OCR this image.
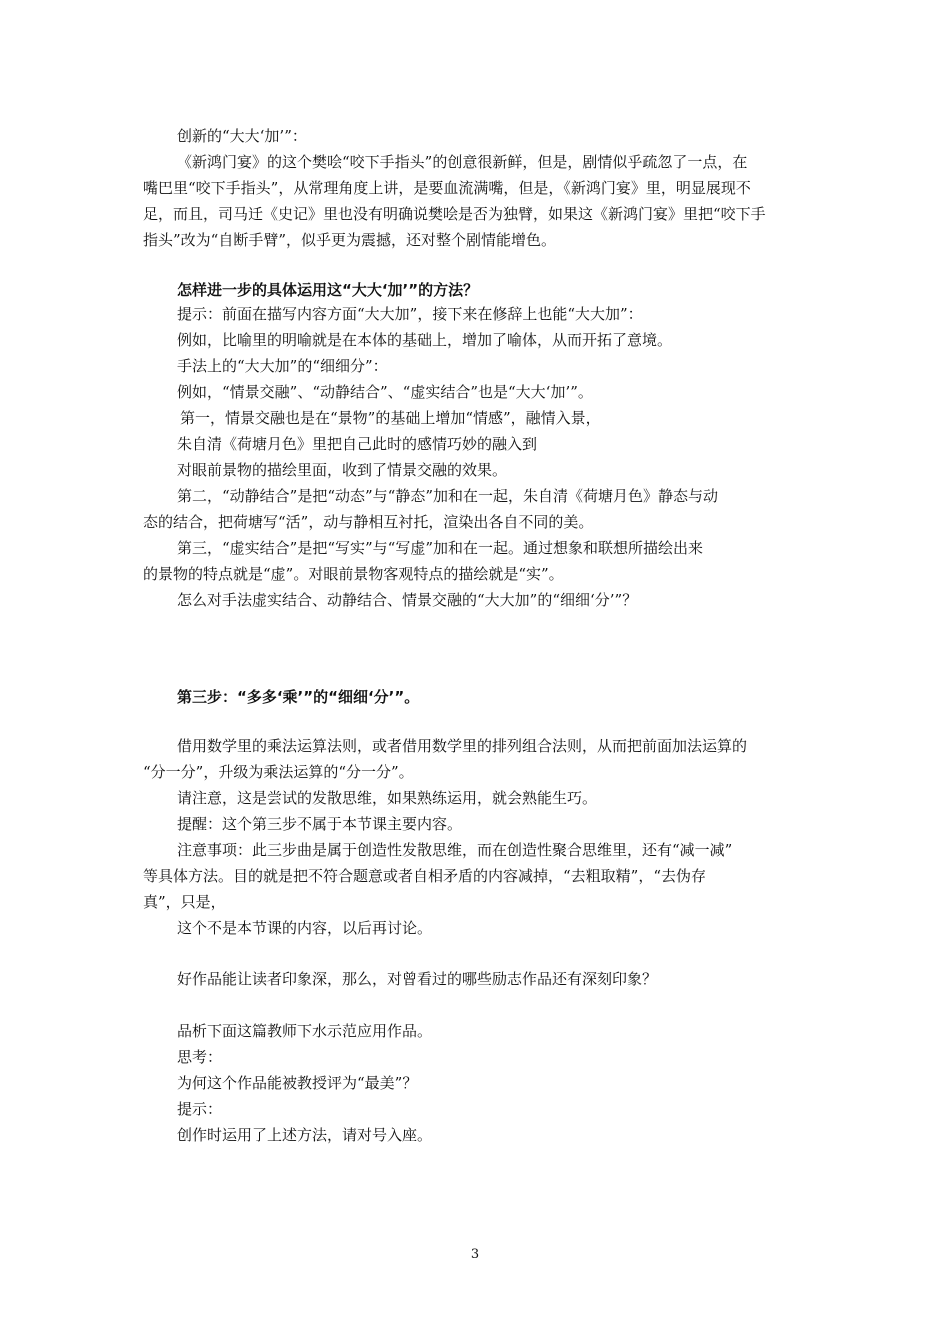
创新的“大大‘加’”：
《新鸿门宴》的这个樊哙“咬下手指头”的创意很新鲜，但是，剧情似乎疏忽了一点，在
嘴巴里“咬下手指头”，从常理角度上讲，是要血流满嘴，但是，《新鸿门宴》里，明显展现不
足，而且，司马迁《史记》里也没有明确说樊哙是否为独臂，如果这《新鸿门宴》里把“咬下手
指头”改为“自断手臂”，似乎更为震撼，还对整个剧情能增色。
怎样进一步的具体运用这“大大‘加’”的方法？
提示：前面在描写内容方面“大大加”，接下来在修辞上也能“大大加”：
例如，比喻里的明喻就是在本体的基础上，增加了喻体，从而开拓了意境。
手法上的“大大加”的“细细分”：
例如，“情景交融”、“动静结合”、“虚实结合”也是“大大‘加’”。
第一，情景交融也是在“景物”的基础上增加“情感”，融情入景，
朱自清《荷塘月色》里把自己此时的感情巧妙的融入到
对眼前景物的描绘里面，收到了情景交融的效果。
第二，“动静结合”是把“动态”与“静态”加和在一起，朱自清《荷塘月色》静态与动
态的结合，把荷塘写“活”，动与静相互衬托，渲染出各自不同的美。
第三，“虚实结合”是把“写实”与“写虚”加和在一起。通过想象和联想所描绘出来
的景物的特点就是“虚”。对眼前景物客观特点的描绘就是“实”。
怎么对手法虚实结合、动静结合、情景交融的“大大加”的“细细‘分’”？
第三步：“多多‘乘’”的“细细‘分’”。
借用数学里的乘法运算法则，或者借用数学里的排列组合法则，从而把前面加法运算的
“分一分”，升级为乘法运算的“分一分”。
请注意，这是尝试的发散思维，如果熟练运用，就会熟能生巧。
提醒：这个第三步不属于本节课主要内容。
注意事项：此三步曲是属于创造性发散思维，而在创造性聚合思维里，还有“减一减”
等具体方法。目的就是把不符合题意或者自相矛盾的内容减掉，“去粗取精”，“去伪存
真”，只是，
这个不是本节课的内容，以后再讨论。
好作品能让读者印象深，那么，对曾看过的哪些励志作品还有深刻印象？
品析下面这篇教师下水示范应用作品。
思考：
为何这个作品能被教授评为“最美”？
提示：
创作时运用了上述方法，请对号入座。
3
